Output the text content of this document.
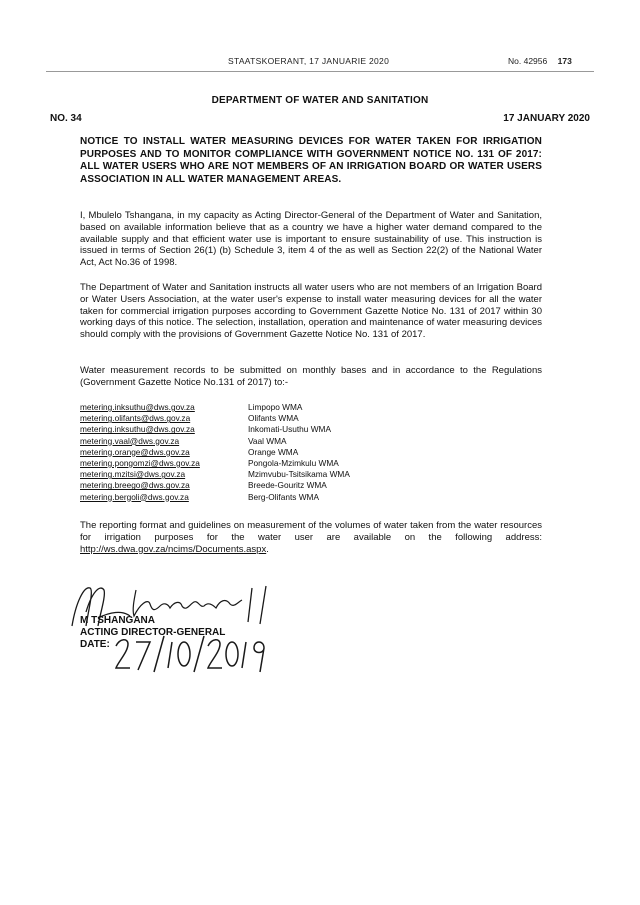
STAATSKOERANT, 17 JANUARIE 2020	No. 42956 173
DEPARTMENT OF WATER AND SANITATION
NO. 34	17 JANUARY 2020
NOTICE TO INSTALL WATER MEASURING DEVICES FOR WATER TAKEN FOR IRRIGATION PURPOSES AND TO MONITOR COMPLIANCE WITH GOVERNMENT NOTICE NO. 131 OF 2017: ALL WATER USERS WHO ARE NOT MEMBERS OF AN IRRIGATION BOARD OR WATER USERS ASSOCIATION IN ALL WATER MANAGEMENT AREAS.
I, Mbulelo Tshangana, in my capacity as Acting Director-General of the Department of Water and Sanitation, based on available information believe that as a country we have a higher water demand compared to the available supply and that efficient water use is important to ensure sustainability of use. This instruction is issued in terms of Section 26(1) (b) Schedule 3, item 4 of the as well as Section 22(2) of the National Water Act, Act No.36 of 1998.
The Department of Water and Sanitation instructs all water users who are not members of an Irrigation Board or Water Users Association, at the water user's expense to install water measuring devices for all the water taken for commercial irrigation purposes according to Government Gazette Notice No. 131 of 2017 within 30 working days of this notice. The selection, installation, operation and maintenance of water measuring devices should comply with the provisions of Government Gazette Notice No. 131 of 2017.
Water measurement records to be submitted on monthly bases and in accordance to the Regulations (Government Gazette Notice No.131 of 2017) to:-
metering.inksuthu@dws.gov.za	Limpopo WMA
metering.olifants@dws.gov.za	Olifants WMA
metering.inksuthu@dws.gov.za	Inkomati-Usuthu WMA
metering.vaal@dws.gov.za	Vaal WMA
metering.orange@dws.gov.za	Orange WMA
metering.pongomzi@dws.gov.za	Pongola-Mzimkulu WMA
metering.mzitsi@dws.gov.za	Mzimvubu-Tsitsikama WMA
metering.breego@dws.gov.za	Breede-Gouritz WMA
metering.bergoli@dws.gov.za	Berg-Olifants WMA
The reporting format and guidelines on measurement of the volumes of water taken from the water resources for irrigation purposes for the water user are available on the following address: http://ws.dwa.gov.za/ncims/Documents.aspx.
M TSHANGANA
ACTING DIRECTOR-GENERAL
DATE:
